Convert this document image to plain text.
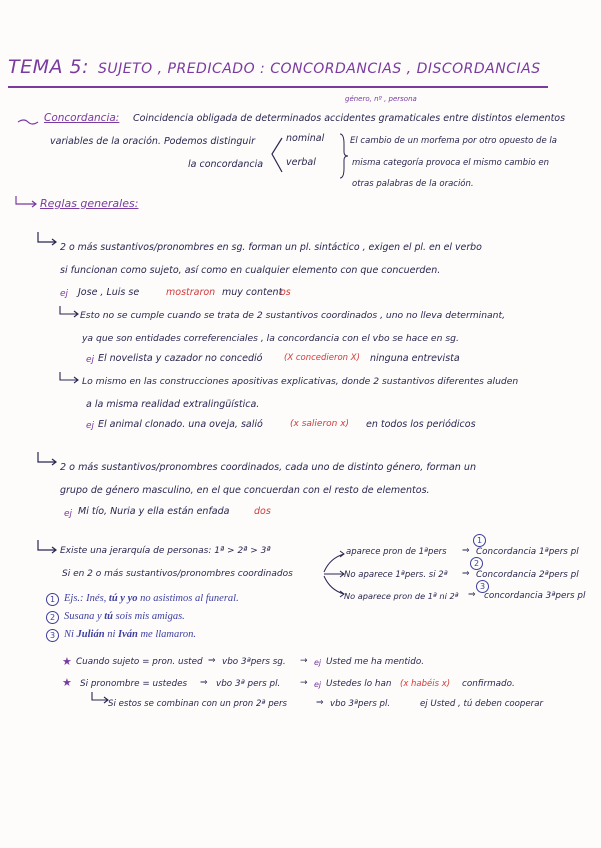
TEMA 5: SUJETO , PREDICADO : CONCORDANCIAS , DISCORDANCIAS
Concordancia: Coincidencia obligada de determinados accidentes gramaticales entre distintos elementos
género, nº , persona
variables de la oración. Podemos distinguir
la concordancia
nominal
verbal
El cambio de un morfema por otro opuesto de la
misma categoría provoca el mismo cambio en
otras palabras de la oración.
Reglas generales:
2 o más sustantivos/pronombres en sg. forman un pl. sintáctico , exigen el pl. en el verbo
si funcionan como sujeto, así como en cualquier elemento con que concuerden.
ej Jose , Luis se	mostraron muy content
os
Esto no se cumple cuando se trata de 2 sustantivos coordinados , uno no lleva determinant,
ya que son entidades correferenciales , la concordancia con el vbo se hace en sg.
ej El novelista y cazador no concedió	(X concedieron X) ninguna entrevista
Lo mismo en las construcciones apositivas explicativas, donde 2 sustantivos diferentes aluden
a la misma realidad extralingüística.
ej El animal clonado. una oveja, salió	(x salieron x) en todos los periódicos
2 o más sustantivos/pronombres coordinados, cada uno de distinto género, forman un
grupo de género masculino, en el que concuerdan con el resto de elementos.
ej Mi tío, Nuria y ella están enfada	dos
Existe una jerarquía de personas: 1ª > 2ª > 3ª
Si en 2 o más sustantivos/pronombres coordinados
aparece pron de 1ªpers ⇒
1
Concordancia 1ªpers pl
No aparece 1ªpers. si 2ª ⇒
2
Concordancia 2ªpers pl
No aparece pron de 1ª ni 2ª ⇒
3
concordancia 3ªpers pl
1 Ejs.: Inés, tú y yo no asistimos al funeral.
2 Susana y tú sois mis amigas.
3 Ni Julián ni Iván me llamaron.
★ Cuando sujeto = pron. usted ⇒ vbo 3ªpers sg. → ej Usted me ha mentido.
★ Si pronombre = ustedes ⇒ vbo 3ª pers pl. → ej Ustedes lo han (x habéis x) confirmado.
Si estos se combinan con un pron 2ª pers	⇒ vbo 3ªpers pl.	ej Usted , tú deben cooperar
